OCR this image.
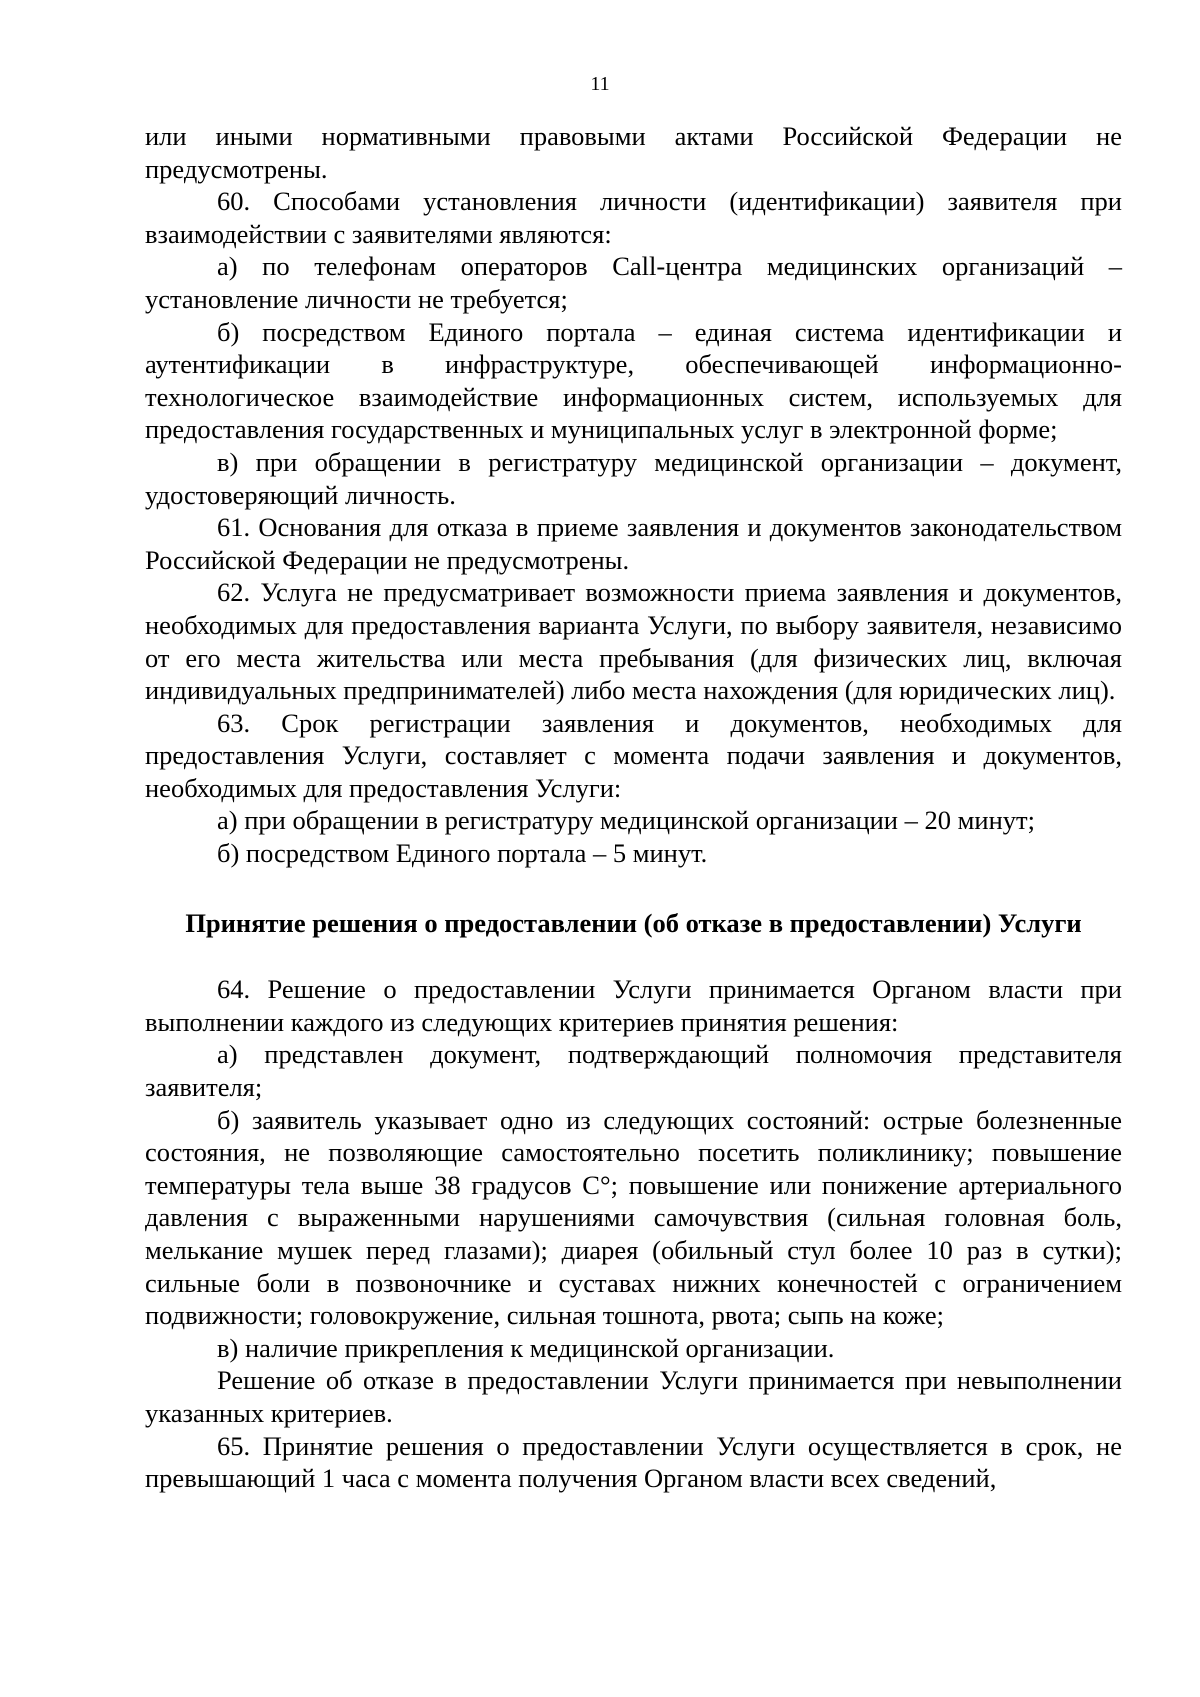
11

или иными нормативными правовыми актами Российской Федерации не предусмотрены.

60. Способами установления личности (идентификации) заявителя при взаимодействии с заявителями являются:

а) по телефонам операторов Call-центра медицинских организаций – установление личности не требуется;

б) посредством Единого портала – единая система идентификации и аутентификации в инфраструктуре, обеспечивающей информационно-технологическое взаимодействие информационных систем, используемых для предоставления государственных и муниципальных услуг в электронной форме;

в) при обращении в регистратуру медицинской организации – документ, удостоверяющий личность.

61. Основания для отказа в приеме заявления и документов законодательством Российской Федерации не предусмотрены.

62. Услуга не предусматривает возможности приема заявления и документов, необходимых для предоставления варианта Услуги, по выбору заявителя, независимо от его места жительства или места пребывания (для физических лиц, включая индивидуальных предпринимателей) либо места нахождения (для юридических лиц).

63. Срок регистрации заявления и документов, необходимых для предоставления Услуги, составляет с момента подачи заявления и документов, необходимых для предоставления Услуги:

а) при обращении в регистратуру медицинской организации – 20 минут;

б) посредством Единого портала – 5 минут.

Принятие решения о предоставлении (об отказе в предоставлении) Услуги

64. Решение о предоставлении Услуги принимается Органом власти при выполнении каждого из следующих критериев принятия решения:

а) представлен документ, подтверждающий полномочия представителя заявителя;

б) заявитель указывает одно из следующих состояний: острые болезненные состояния, не позволяющие самостоятельно посетить поликлинику; повышение температуры тела выше 38 градусов С°; повышение или понижение артериального давления с выраженными нарушениями самочувствия (сильная головная боль, мелькание мушек перед глазами); диарея (обильный стул более 10 раз в сутки); сильные боли в позвоночнике и суставах нижних конечностей с ограничением подвижности; головокружение, сильная тошнота, рвота; сыпь на коже;

в) наличие прикрепления к медицинской организации.

Решение об отказе в предоставлении Услуги принимается при невыполнении указанных критериев.

65. Принятие решения о предоставлении Услуги осуществляется в срок, не превышающий 1 часа с момента получения Органом власти всех сведений,
